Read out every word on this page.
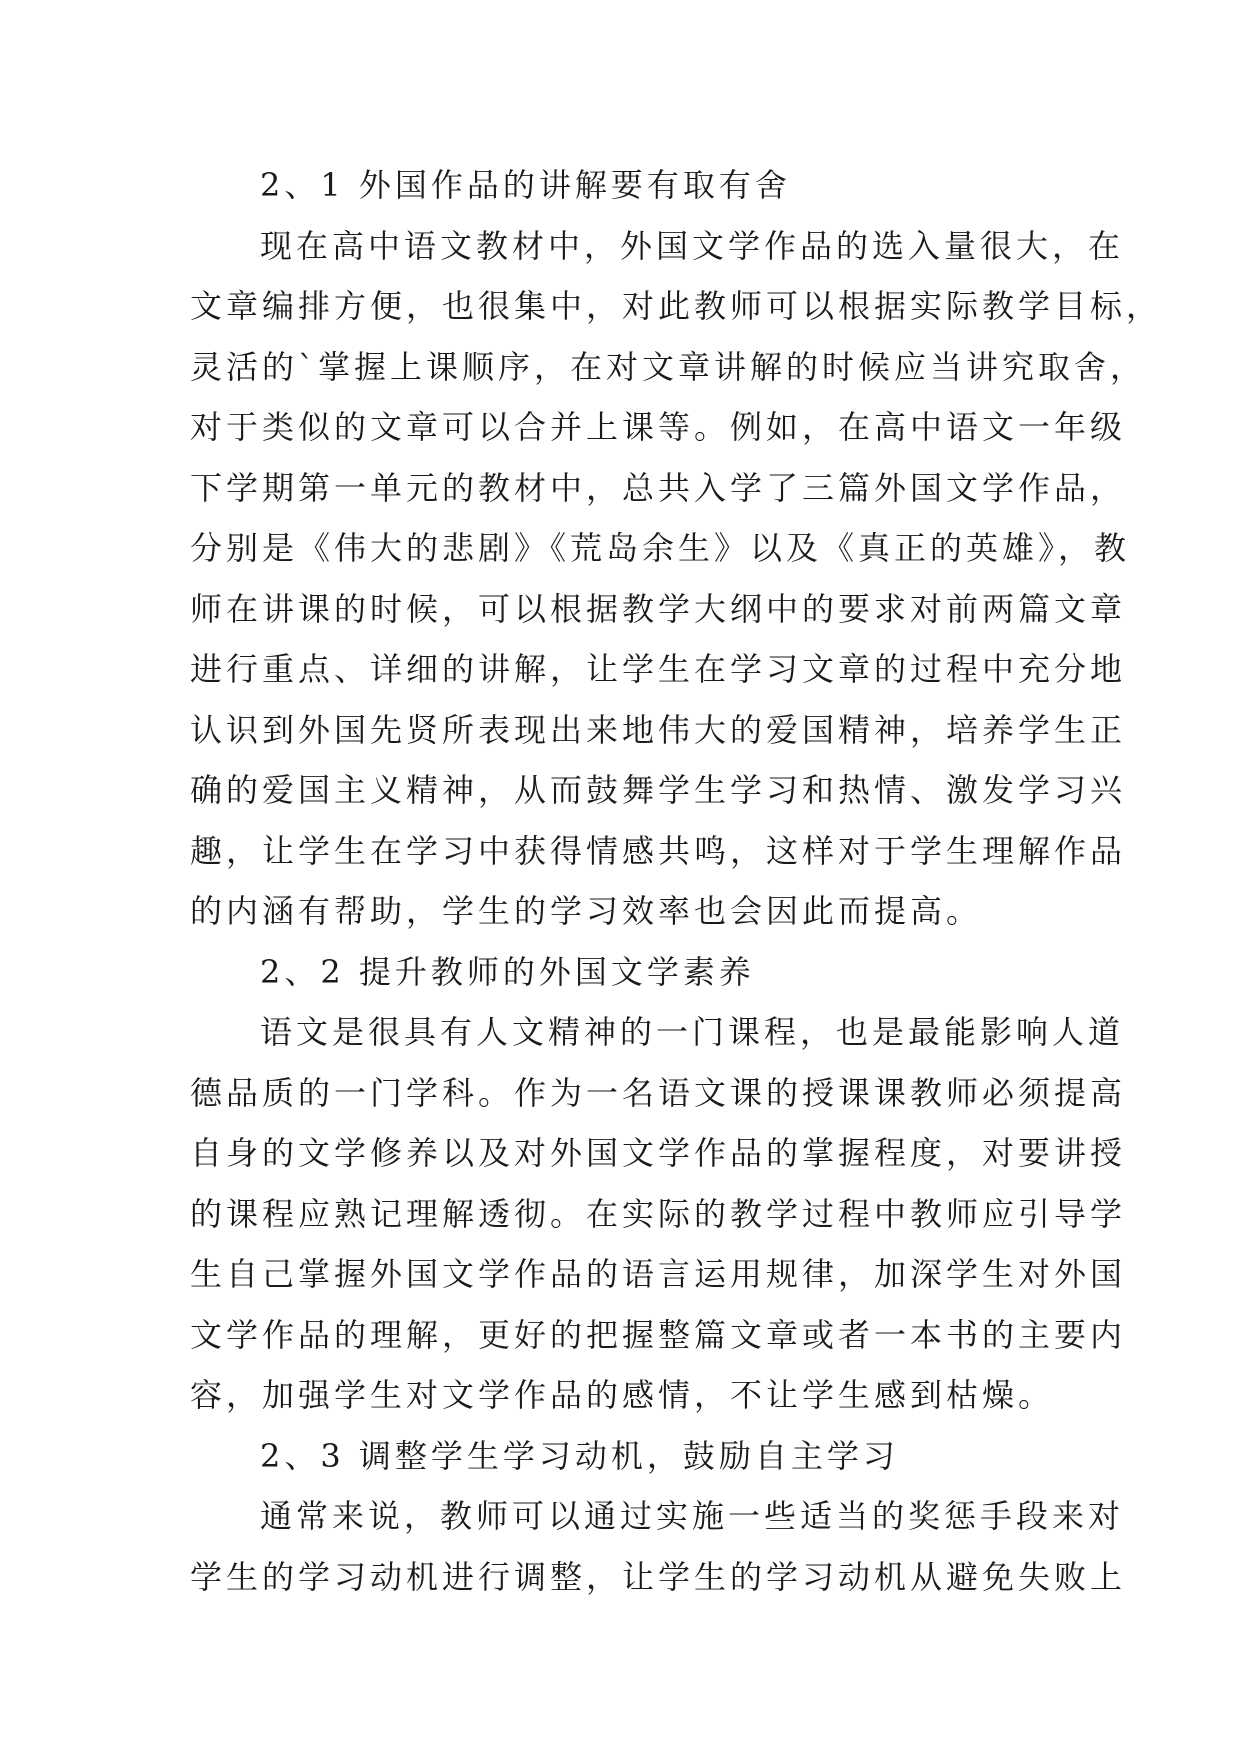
2、1 外国作品的讲解要有取有舍
现在高中语文教材中，外国文学作品的选入量很大，在
文章编排方便，也很集中，对此教师可以根据实际教学目标，
灵活的`掌握上课顺序，在对文章讲解的时候应当讲究取舍，
对于类似的文章可以合并上课等。例如，在高中语文一年级
下学期第一单元的教材中，总共入学了三篇外国文学作品，
分别是《伟大的悲剧》《荒岛余生》以及《真正的英雄》，教
师在讲课的时候，可以根据教学大纲中的要求对前两篇文章
进行重点、详细的讲解，让学生在学习文章的过程中充分地
认识到外国先贤所表现出来地伟大的爱国精神，培养学生正
确的爱国主义精神，从而鼓舞学生学习和热情、激发学习兴
趣，让学生在学习中获得情感共鸣，这样对于学生理解作品
的内涵有帮助，学生的学习效率也会因此而提高。
2、2 提升教师的外国文学素养
语文是很具有人文精神的一门课程，也是最能影响人道
德品质的一门学科。作为一名语文课的授课课教师必须提高
自身的文学修养以及对外国文学作品的掌握程度，对要讲授
的课程应熟记理解透彻。在实际的教学过程中教师应引导学
生自己掌握外国文学作品的语言运用规律，加深学生对外国
文学作品的理解，更好的把握整篇文章或者一本书的主要内
容，加强学生对文学作品的感情，不让学生感到枯燥。
2、3 调整学生学习动机，鼓励自主学习
通常来说，教师可以通过实施一些适当的奖惩手段来对
学生的学习动机进行调整，让学生的学习动机从避免失败上
